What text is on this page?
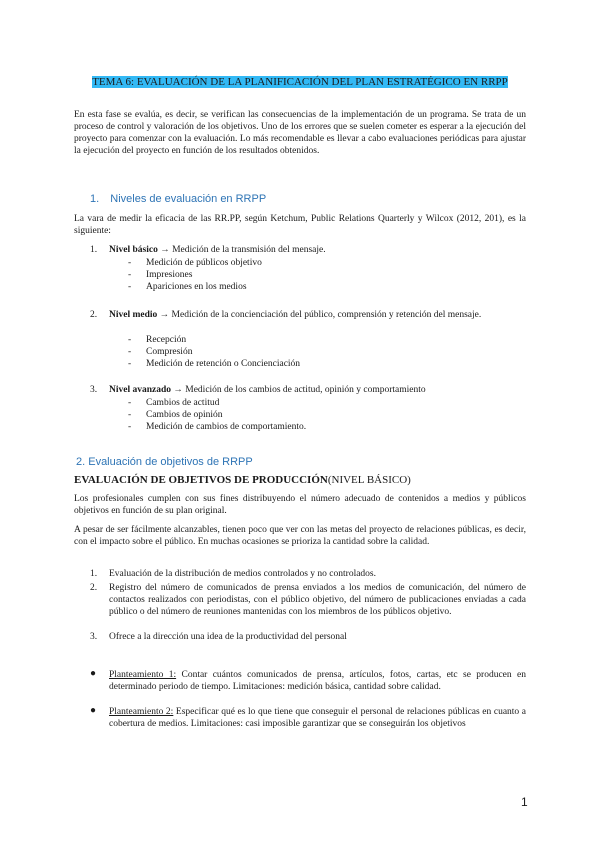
TEMA 6: EVALUACIÓN DE LA PLANIFICACIÓN DEL PLAN ESTRATÉGICO EN RRPP

En esta fase se evalúa, es decir, se verifican las consecuencias de la implementación de un programa. Se trata de un proceso de control y valoración de los objetivos. Uno de los errores que se suelen cometer es esperar a la ejecución del proyecto para comenzar con la evaluación. Lo más recomendable es llevar a cabo evaluaciones periódicas para ajustar la ejecución del proyecto en función de los resultados obtenidos.

1. Niveles de evaluación en RRPP

La vara de medir la eficacia de las RR.PP, según Ketchum, Public Relations Quarterly y Wilcox (2012, 201), es la siguiente:

1. Nivel básico → Medición de la transmisión del mensaje.
- Medición de públicos objetivo
- Impresiones
- Apariciones en los medios
2. Nivel medio → Medición de la concienciación del público, comprensión y retención del mensaje.
- Recepción
- Compresión
- Medición de retención o Concienciación
3. Nivel avanzado → Medición de los cambios de actitud, opinión y comportamiento
- Cambios de actitud
- Cambios de opinión
- Medición de cambios de comportamiento.
2. Evaluación de objetivos de RRPP
EVALUACIÓN DE OBJETIVOS DE PRODUCCIÓN(NIVEL BÁSICO)

Los profesionales cumplen con sus fines distribuyendo el número adecuado de contenidos a medios y públicos objetivos en función de su plan original.

A pesar de ser fácilmente alcanzables, tienen poco que ver con las metas del proyecto de relaciones públicas, es decir, con el impacto sobre el público. En muchas ocasiones se prioriza la cantidad sobre la calidad.

1. Evaluación de la distribución de medios controlados y no controlados.
2. Registro del número de comunicados de prensa enviados a los medios de comunicación, del número de contactos realizados con periodistas, con el público objetivo, del número de publicaciones enviadas a cada público o del número de reuniones mantenidas con los miembros de los públicos objetivo.
3. Ofrece a la dirección una idea de la productividad del personal
● Planteamiento 1: Contar cuántos comunicados de prensa, artículos, fotos, cartas, etc se producen en determinado periodo de tiempo. Limitaciones: medición básica, cantidad sobre calidad.
● Planteamiento 2: Especificar qué es lo que tiene que conseguir el personal de relaciones públicas en cuanto a cobertura de medios. Limitaciones: casi imposible garantizar que se conseguirán los objetivos
1
